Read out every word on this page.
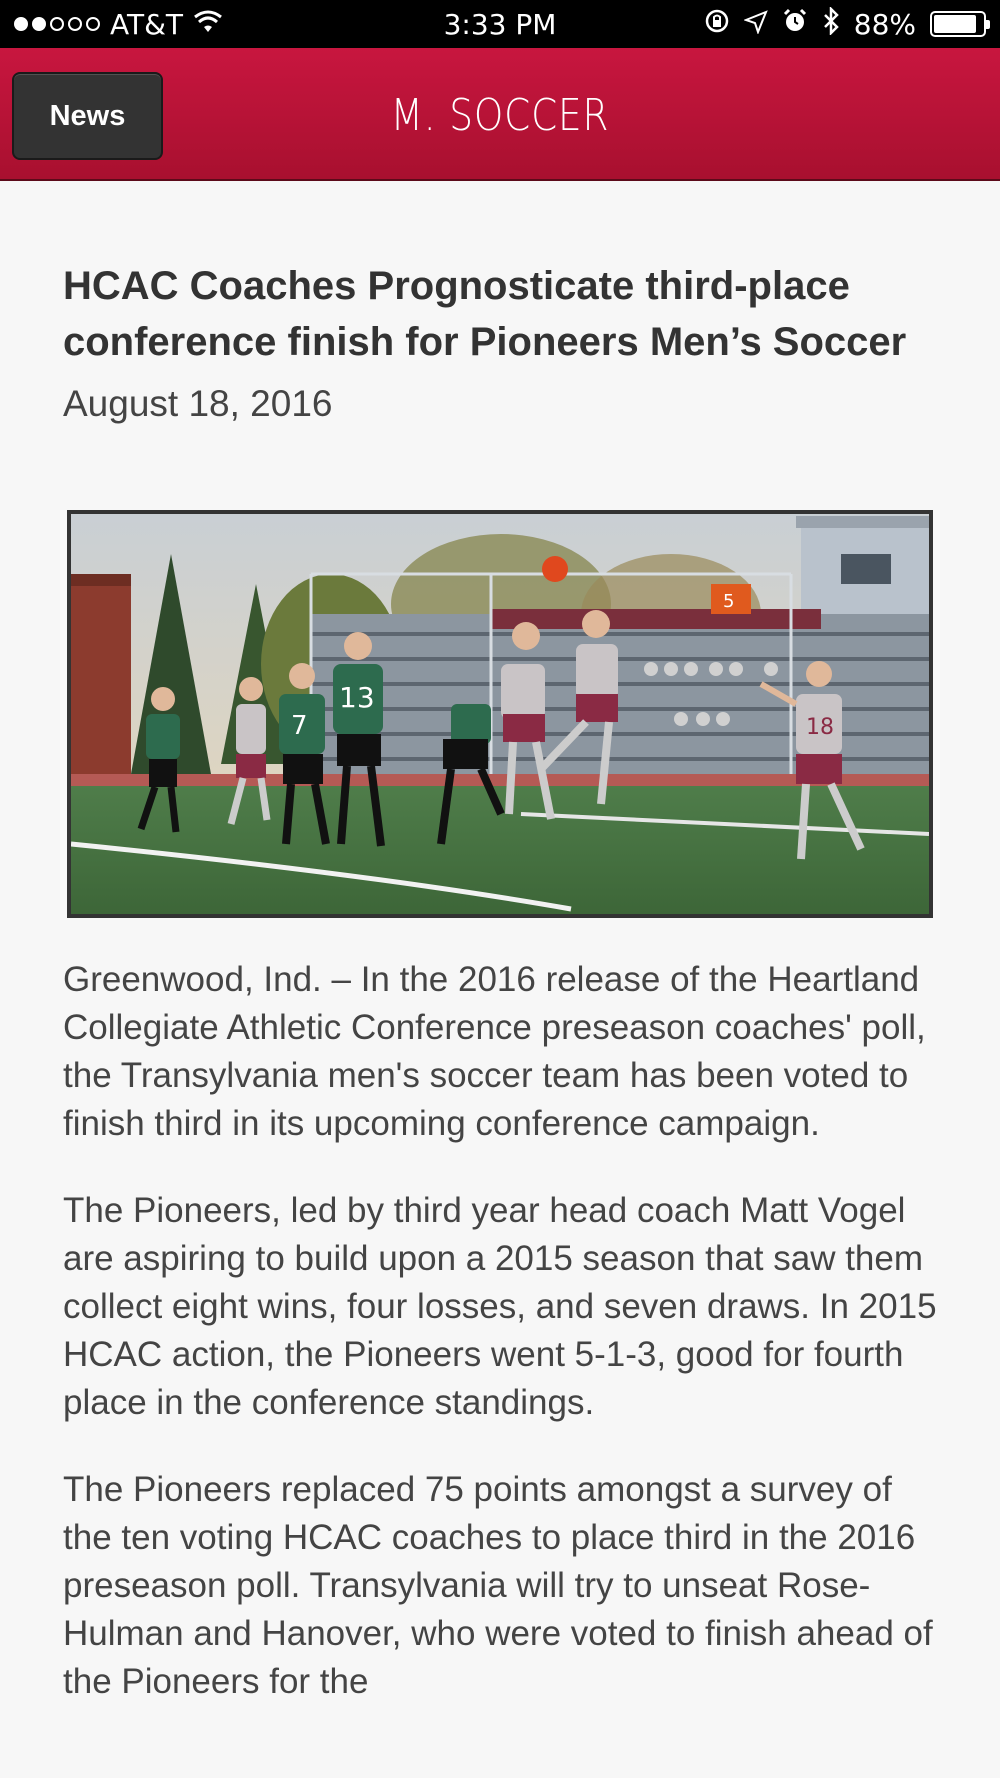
AT&T	3:33 PM	88%
News	M. SOCCER
HCAC Coaches Prognosticate third-place conference finish for Pioneers Men’s Soccer
August 18, 2016
5
7
13
18

Greenwood, Ind. – In the 2016 release of the Heartland Collegiate Athletic Conference preseason coaches' poll, the Transylvania men's soccer team has been voted to finish third in its upcoming conference campaign.

The Pioneers, led by third year head coach Matt Vogel are aspiring to build upon a 2015 season that saw them collect eight wins, four losses, and seven draws. In 2015 HCAC action, the Pioneers went 5-1-3, good for fourth place in the conference standings.

The Pioneers replaced 75 points amongst a survey of the ten voting HCAC coaches to place third in the 2016 preseason poll. Transylvania will try to unseat Rose-Hulman and Hanover, who were voted to finish ahead of the Pioneers for the
